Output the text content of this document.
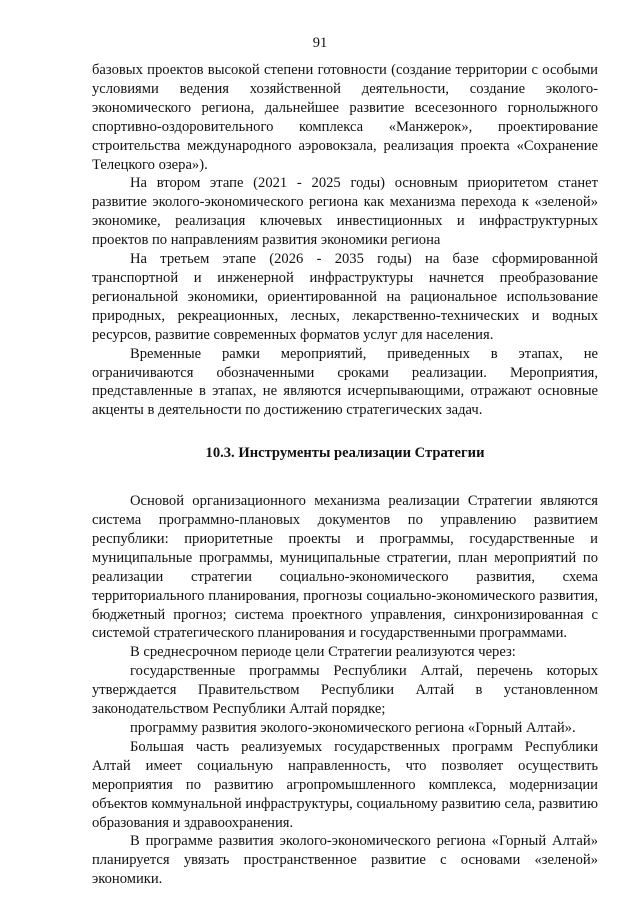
91

базовых проектов высокой степени готовности (создание территории с особыми условиями ведения хозяйственной деятельности, создание эколого-экономического региона, дальнейшее развитие всесезонного горнолыжного спортивно-оздоровительного комплекса «Манжерок», проектирование строительства международного аэровокзала, реализация проекта «Сохранение Телецкого озера»).

На втором этапе (2021 - 2025 годы) основным приоритетом станет развитие эколого-экономического региона как механизма перехода к «зеленой» экономике, реализация ключевых инвестиционных и инфраструктурных проектов по направлениям развития экономики региона

На третьем этапе (2026 - 2035 годы) на базе сформированной транспортной и инженерной инфраструктуры начнется преобразование региональной экономики, ориентированной на рациональное использование природных, рекреационных, лесных, лекарственно-технических и водных ресурсов, развитие современных форматов услуг для населения.

Временные рамки мероприятий, приведенных в этапах, не ограничиваются обозначенными сроками реализации. Мероприятия, представленные в этапах, не являются исчерпывающими, отражают основные акценты в деятельности по достижению стратегических задач.

10.3. Инструменты реализации Стратегии

Основой организационного механизма реализации Стратегии являются система программно-плановых документов по управлению развитием республики: приоритетные проекты и программы, государственные и муниципальные программы, муниципальные стратегии, план мероприятий по реализации стратегии социально-экономического развития, схема территориального планирования, прогнозы социально-экономического развития, бюджетный прогноз; система проектного управления, синхронизированная с системой стратегического планирования и государственными программами.

В среднесрочном периоде цели Стратегии реализуются через:

государственные программы Республики Алтай, перечень которых утверждается Правительством Республики Алтай в установленном законодательством Республики Алтай порядке;

программу развития эколого-экономического региона «Горный Алтай».

Большая часть реализуемых государственных программ Республики Алтай имеет социальную направленность, что позволяет осуществить мероприятия по развитию агропромышленного комплекса, модернизации объектов коммунальной инфраструктуры, социальному развитию села, развитию образования и здравоохранения.

В программе развития эколого-экономического региона «Горный Алтай» планируется увязать пространственное развитие с основами «зеленой» экономики.
